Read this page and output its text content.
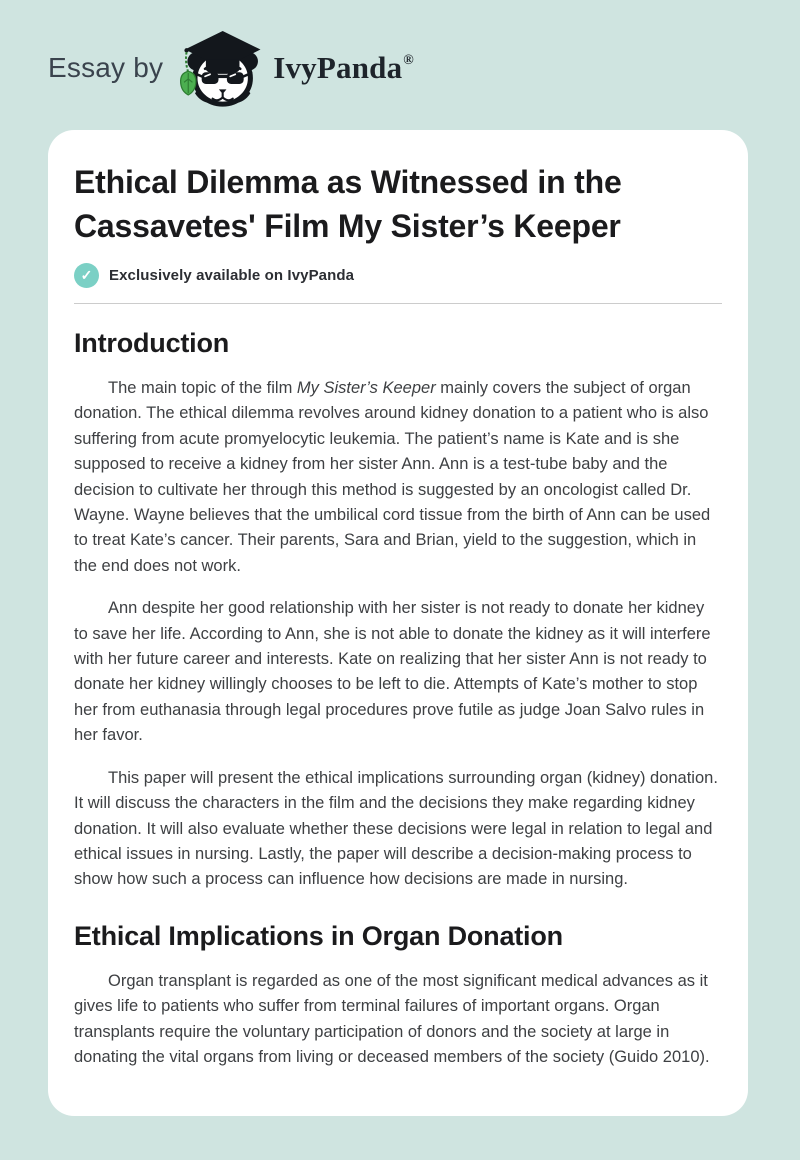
Essay by	IvyPanda®
Ethical Dilemma as Witnessed in the Cassavetes' Film My Sister’s Keeper
✓	Exclusively available on IvyPanda
Introduction

The main topic of the film My Sister’s Keeper mainly covers the subject of organ donation. The ethical dilemma revolves around kidney donation to a patient who is also suffering from acute promyelocytic leukemia. The patient’s name is Kate and is she supposed to receive a kidney from her sister Ann. Ann is a test-tube baby and the decision to cultivate her through this method is suggested by an oncologist called Dr. Wayne. Wayne believes that the umbilical cord tissue from the birth of Ann can be used to treat Kate’s cancer. Their parents, Sara and Brian, yield to the suggestion, which in the end does not work.

Ann despite her good relationship with her sister is not ready to donate her kidney to save her life. According to Ann, she is not able to donate the kidney as it will interfere with her future career and interests. Kate on realizing that her sister Ann is not ready to donate her kidney willingly chooses to be left to die. Attempts of Kate’s mother to stop her from euthanasia through legal procedures prove futile as judge Joan Salvo rules in her favor.

This paper will present the ethical implications surrounding organ (kidney) donation. It will discuss the characters in the film and the decisions they make regarding kidney donation. It will also evaluate whether these decisions were legal in relation to legal and ethical issues in nursing. Lastly, the paper will describe a decision-making process to show how such a process can influence how decisions are made in nursing.

Ethical Implications in Organ Donation

Organ transplant is regarded as one of the most significant medical advances as it gives life to patients who suffer from terminal failures of important organs. Organ transplants require the voluntary participation of donors and the society at large in donating the vital organs from living or deceased members of the society (Guido 2010).
